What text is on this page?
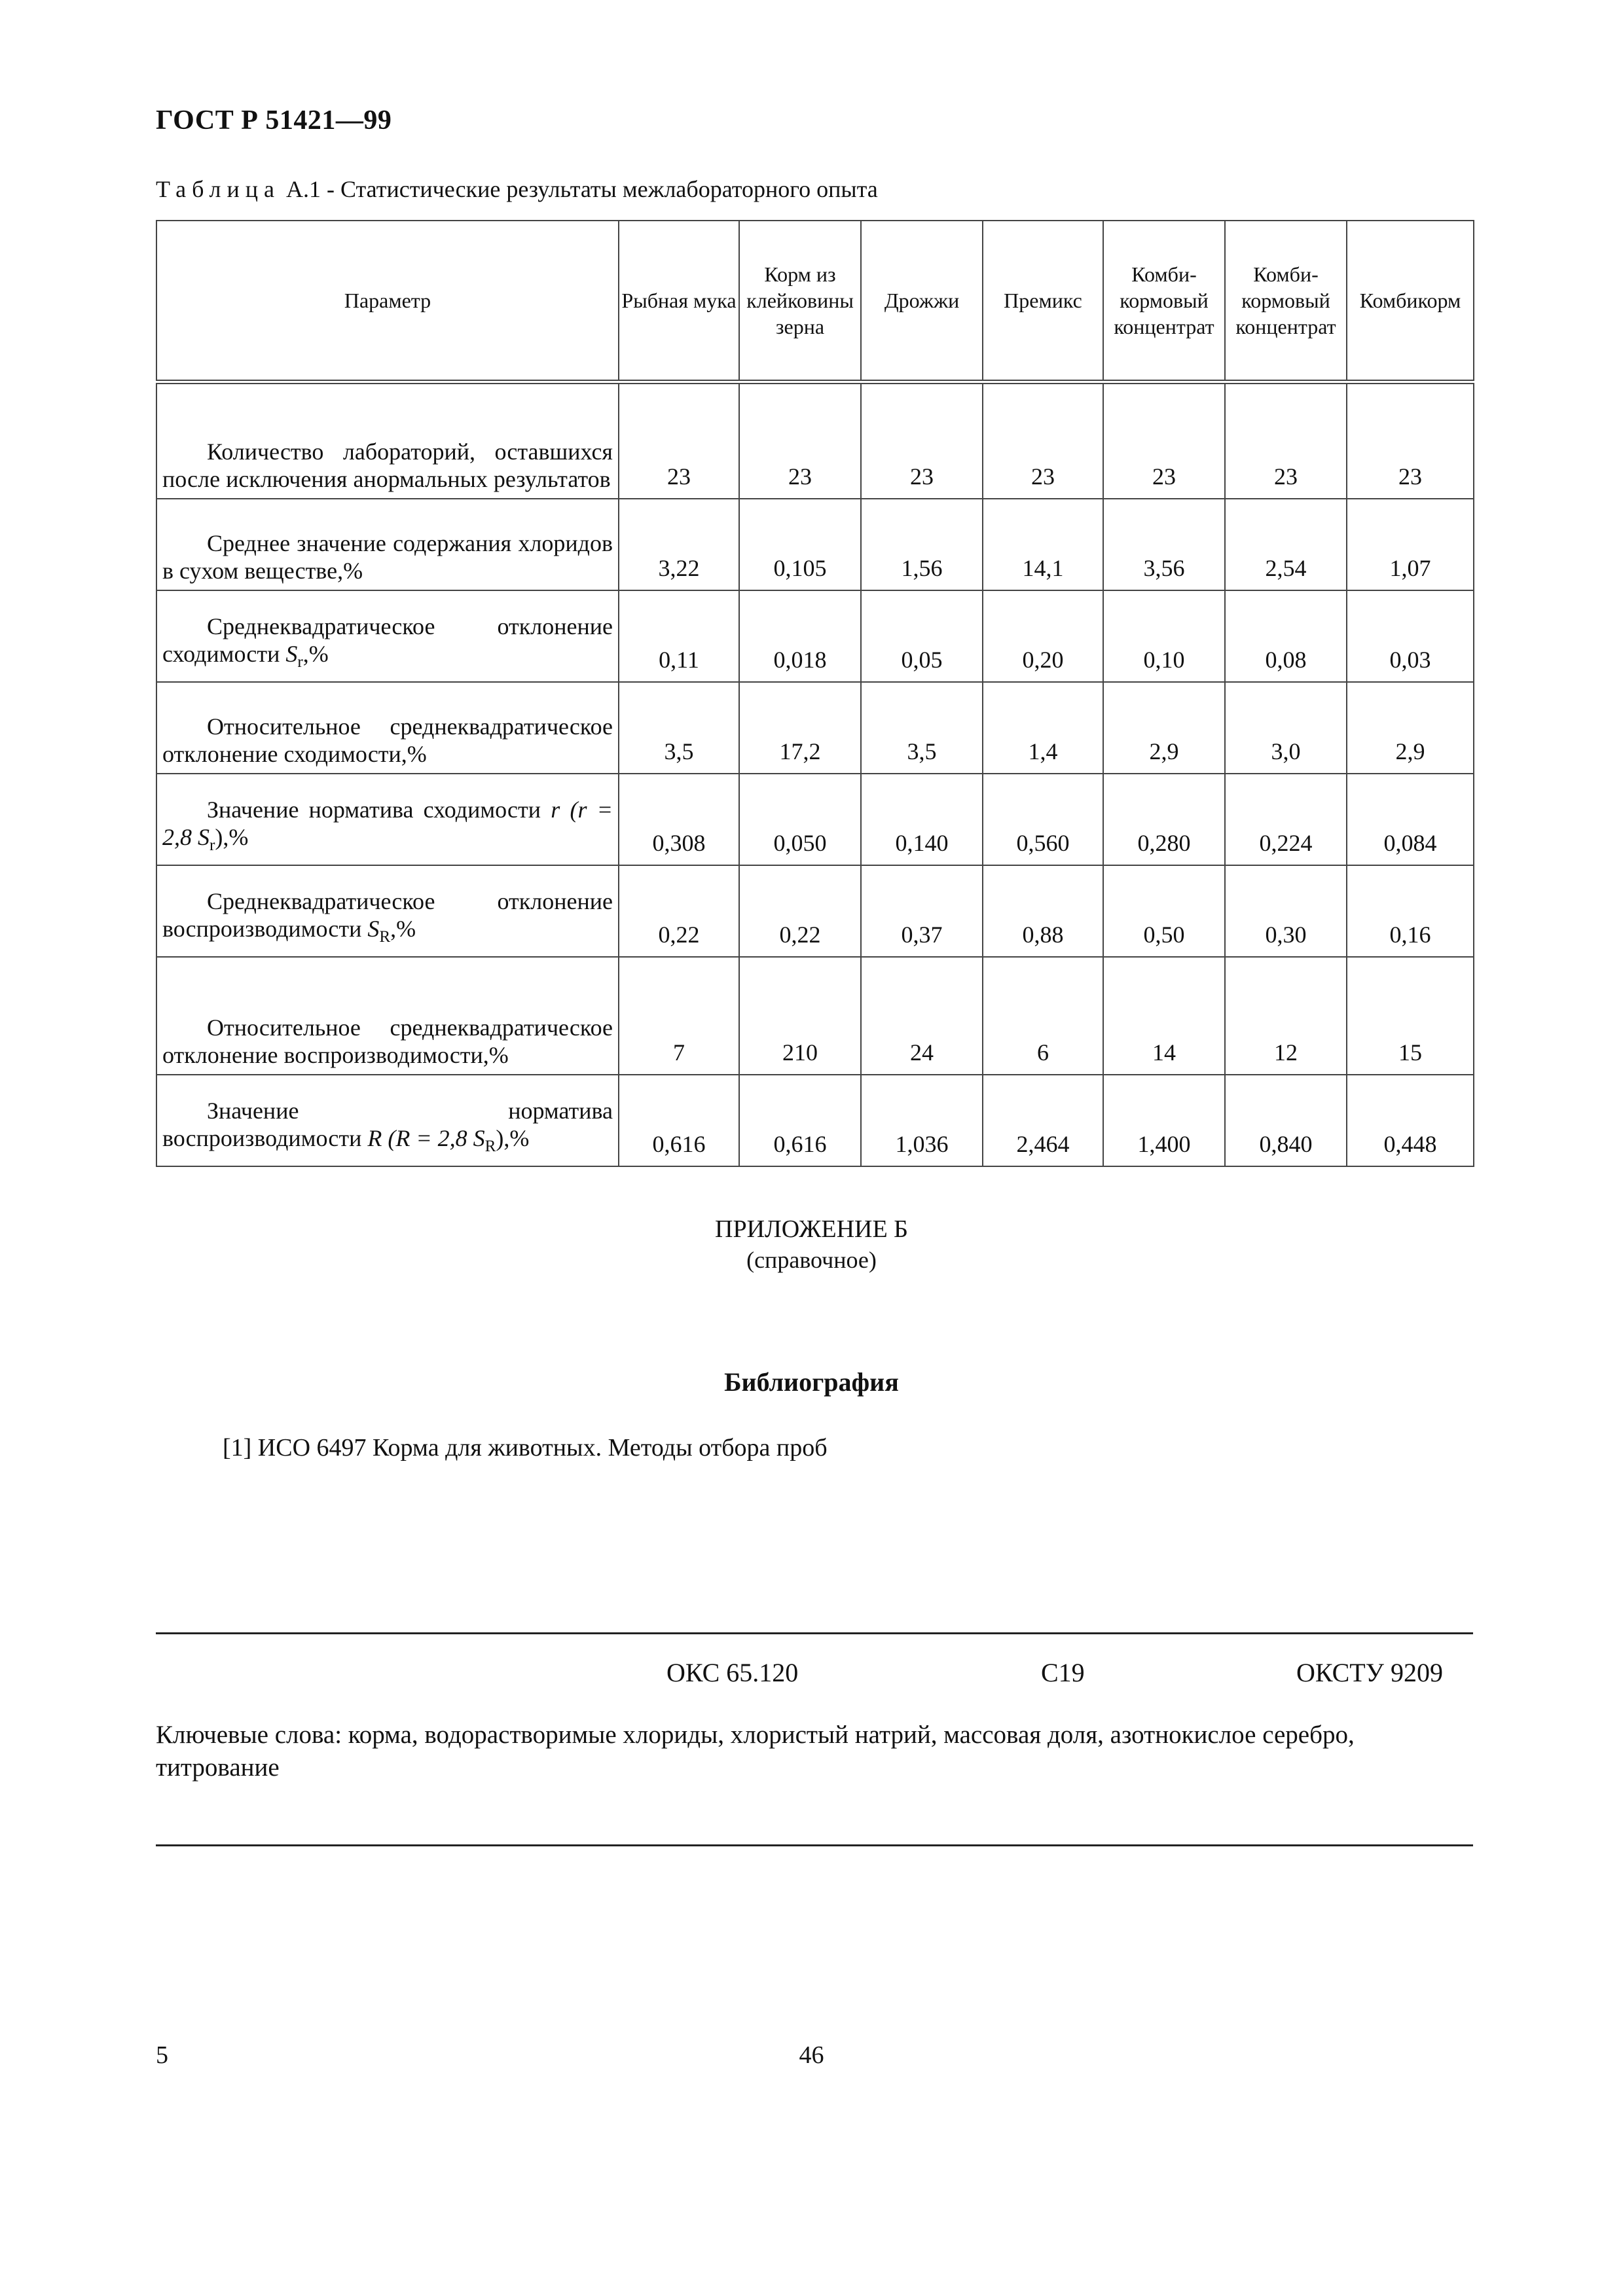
ГОСТ Р 51421—99
Таблица А.1 - Статистические результаты межлабораторного опыта
Параметр	Рыбная мука	Корм из клейковины зерна	Дрожжи	Премикс	Комбикормовый концентрат	Комбикормовый концентрат	Комбикорм
Количество лабораторий, оставшихся после исключения анормальных результатов	23	23	23	23	23	23	23
Среднее значение содержания хлоридов в сухом веществе,%	3,22	0,105	1,56	14,1	3,56	2,54	1,07
Среднеквадратическое отклонение сходимости $S_r,\%$	0,11	0,018	0,05	0,20	0,10	0,08	0,03
Относительное среднеквадратическое отклонение сходимости,%	3,5	17,2	3,5	1,4	2,9	3,0	2,9
Значение норматива сходимости r (r = 2,8 $S_r),\%$	0,308	0,050	0,140	0,560	0,280	0,224	0,084
Среднеквадратическое отклонение воспроизводимости $S_R,\%$	0,22	0,22	0,37	0,88	0,50	0,30	0,16
Относительное среднеквадратическое отклонение воспроизводимости,%	7	210	24	6	14	12	15
Значение норматива воспроизводимости R (R = 2,8 $S_R),\%$	0,616	0,616	1,036	2,464	1,400	0,840	0,448
ПРИЛОЖЕНИЕ Б
(справочное)
Библиография
[1] ИСО 6497 Корма для животных. Методы отбора проб
ОКС 65.120	С19	ОКСТУ 9209
Ключевые слова: корма, водорастворимые хлориды, хлористый натрий, массовая доля, азотнокислое серебро, титрование
5	46
